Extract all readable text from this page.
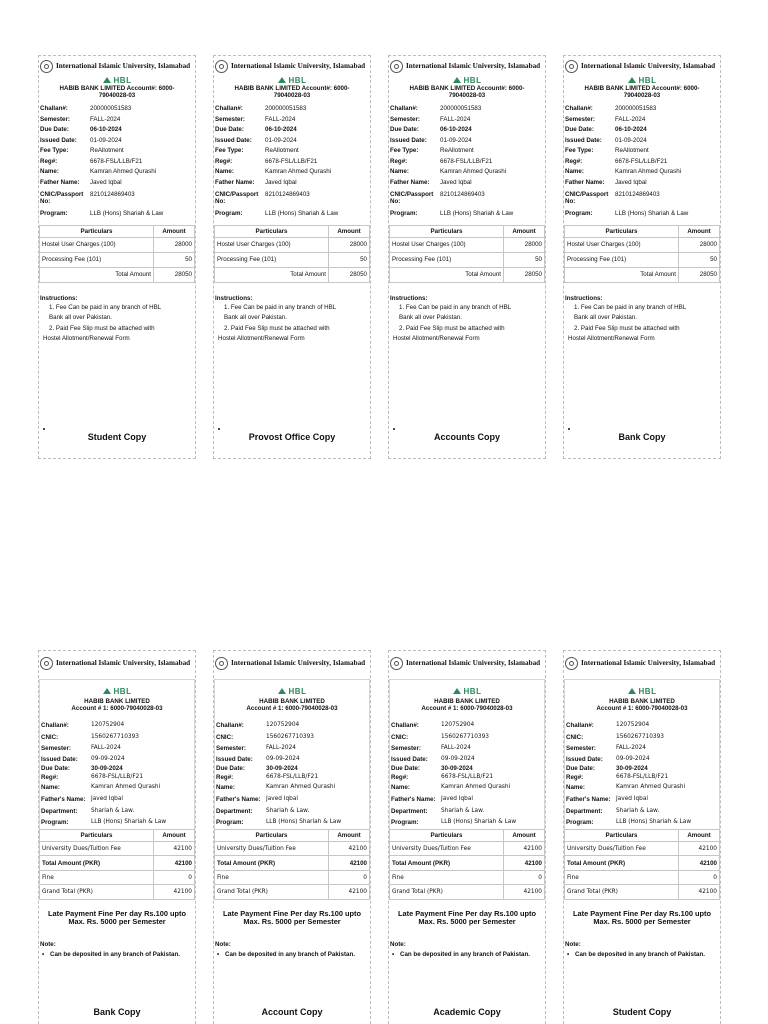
International Islamic University, Islamabad
HBL
HABIB BANK LIMITED Account#: 6000-79040028-03
Challan#:	200000051583
Semester:	FALL-2024
Due Date:	06-10-2024
Issued Date:	01-09-2024
Fee Type:	ReAllotment
Reg#:	6678-FSL/LLB/F21
Name:	Kamran Ahmed Qurashi
Father Name:	Javed Iqbal
CNIC/Passport No:
8210124869403
Program:	LLB (Hons) Shariah & Law
Particulars	Amount
Hostel User Charges (100)	28000
Processing Fee (101)	50
Total Amount	28050
Instructions:
1. Fee Can be paid in any branch of HBL
Bank all over Pakistan.
2. Paid Fee Slip must be attached with
Hostel Allotment/Renewal Form
Student Copy
International Islamic University, Islamabad
HBL
HABIB BANK LIMITED Account#: 6000-79040028-03
Challan#:	200000051583
Semester:	FALL-2024
Due Date:	06-10-2024
Issued Date:	01-09-2024
Fee Type:	ReAllotment
Reg#:	6678-FSL/LLB/F21
Name:	Kamran Ahmed Qurashi
Father Name:	Javed Iqbal
CNIC/Passport No:
8210124869403
Program:	LLB (Hons) Shariah & Law
Particulars	Amount
Hostel User Charges (100)	28000
Processing Fee (101)	50
Total Amount	28050
Instructions:
1. Fee Can be paid in any branch of HBL
Bank all over Pakistan.
2. Paid Fee Slip must be attached with
Hostel Allotment/Renewal Form
Provost Office Copy
International Islamic University, Islamabad
HBL
HABIB BANK LIMITED Account#: 6000-79040028-03
Challan#:	200000051583
Semester:	FALL-2024
Due Date:	06-10-2024
Issued Date:	01-09-2024
Fee Type:	ReAllotment
Reg#:	6678-FSL/LLB/F21
Name:	Kamran Ahmed Qurashi
Father Name:	Javed Iqbal
CNIC/Passport No:
8210124869403
Program:	LLB (Hons) Shariah & Law
Particulars	Amount
Hostel User Charges (100)	28000
Processing Fee (101)	50
Total Amount	28050
Instructions:
1. Fee Can be paid in any branch of HBL
Bank all over Pakistan.
2. Paid Fee Slip must be attached with
Hostel Allotment/Renewal Form
Accounts Copy
International Islamic University, Islamabad
HBL
HABIB BANK LIMITED Account#: 6000-79040028-03
Challan#:	200000051583
Semester:	FALL-2024
Due Date:	06-10-2024
Issued Date:	01-09-2024
Fee Type:	ReAllotment
Reg#:	6678-FSL/LLB/F21
Name:	Kamran Ahmed Qurashi
Father Name:	Javed Iqbal
CNIC/Passport No:
8210124869403
Program:	LLB (Hons) Shariah & Law
Particulars	Amount
Hostel User Charges (100)	28000
Processing Fee (101)	50
Total Amount	28050
Instructions:
1. Fee Can be paid in any branch of HBL
Bank all over Pakistan.
2. Paid Fee Slip must be attached with
Hostel Allotment/Renewal Form
Bank Copy
International Islamic University, Islamabad
HBL
HABIB BANK LIMITED
Account # 1: 6000-79040028-03
Challan#:	120752904
CNIC:	1560267710393
Semester:	FALL-2024
Issued Date:	09-09-2024
Due Date:	30-09-2024
Reg#:	6678-FSL/LLB/F21
Name:	Kamran Ahmed Qurashi
Father's Name: Javed Iqbal
Department:	Shariah & Law.
Program:	LLB (Hons) Shariah & Law
Particulars	Amount
University Dues/Tuition Fee	42100
Total Amount (PKR)	42100
Fine	0
Grand Total (PKR)	42100
Late Payment Fine Per day Rs.100 upto Max. Rs. 5000 per Semester
Note:
• Can be deposited in any branch of Pakistan.
Bank Copy
International Islamic University, Islamabad
HBL
HABIB BANK LIMITED
Account # 1: 6000-79040028-03
Challan#:	120752904
CNIC:	1560267710393
Semester:	FALL-2024
Issued Date:	09-09-2024
Due Date:	30-09-2024
Reg#:	6678-FSL/LLB/F21
Name:	Kamran Ahmed Qurashi
Father's Name: Javed Iqbal
Department:	Shariah & Law.
Program:	LLB (Hons) Shariah & Law
Particulars	Amount
University Dues/Tuition Fee	42100
Total Amount (PKR)	42100
Fine	0
Grand Total (PKR)	42100
Late Payment Fine Per day Rs.100 upto Max. Rs. 5000 per Semester
Note:
• Can be deposited in any branch of Pakistan.
Account Copy
International Islamic University, Islamabad
HBL
HABIB BANK LIMITED
Account # 1: 6000-79040028-03
Challan#:	120752904
CNIC:	1560267710393
Semester:	FALL-2024
Issued Date:	09-09-2024
Due Date:	30-09-2024
Reg#:	6678-FSL/LLB/F21
Name:	Kamran Ahmed Qurashi
Father's Name: Javed Iqbal
Department:	Shariah & Law.
Program:	LLB (Hons) Shariah & Law
Particulars	Amount
University Dues/Tuition Fee	42100
Total Amount (PKR)	42100
Fine	0
Grand Total (PKR)	42100
Late Payment Fine Per day Rs.100 upto Max. Rs. 5000 per Semester
Note:
• Can be deposited in any branch of Pakistan.
Academic Copy
International Islamic University, Islamabad
HBL
HABIB BANK LIMITED
Account # 1: 6000-79040028-03
Challan#:	120752904
CNIC:	1560267710393
Semester:	FALL-2024
Issued Date:	09-09-2024
Due Date:	30-09-2024
Reg#:	6678-FSL/LLB/F21
Name:	Kamran Ahmed Qurashi
Father's Name: Javed Iqbal
Department:	Shariah & Law.
Program:	LLB (Hons) Shariah & Law
Particulars	Amount
University Dues/Tuition Fee	42100
Total Amount (PKR)	42100
Fine	0
Grand Total (PKR)	42100
Late Payment Fine Per day Rs.100 upto Max. Rs. 5000 per Semester
Note:
• Can be deposited in any branch of Pakistan.
Student Copy
